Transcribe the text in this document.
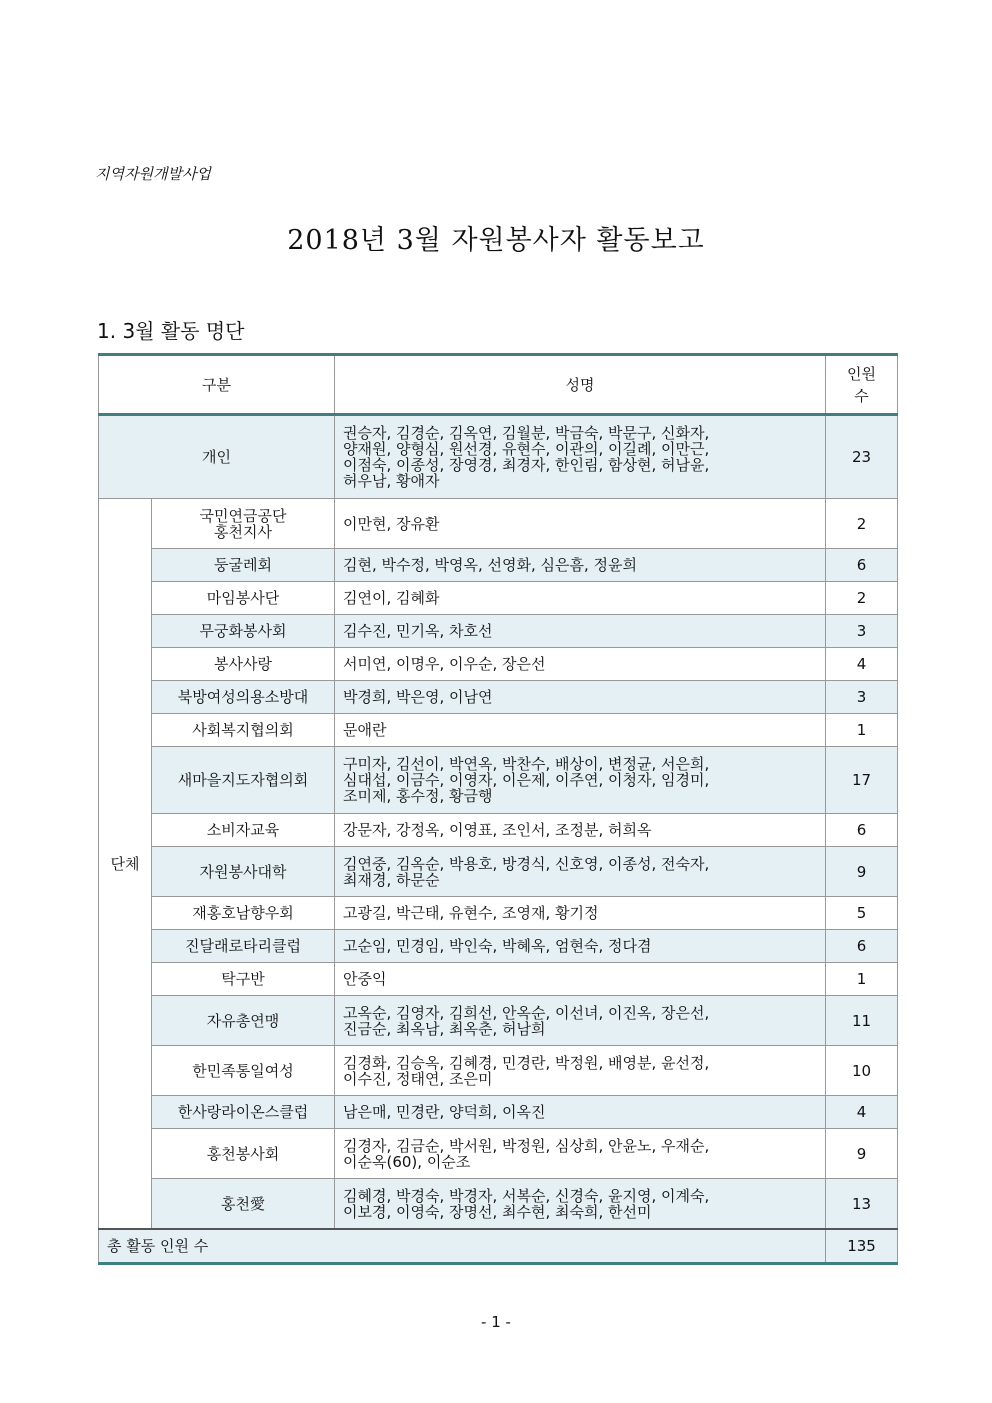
지역자원개발사업
2018년 3월 자원봉사자 활동보고
1. 3월 활동 명단
구분		성명	인원
수

개인		권승자, 김경순, 김옥연, 김월분, 박금숙, 박문구, 신화자,
양재원, 양형심, 원선경, 유현수, 이관의, 이길례, 이만근,
이점숙, 이종성, 장영경, 최경자, 한인림, 함상현, 허남윤,
허우남, 황애자	23
단체	국민연금공단
홍천지사	이만현, 장유환	2

	둥굴레회	김현, 박수정, 박영옥, 선영화, 심은흠, 정윤희	6

	마임봉사단	김연이, 김혜화	2

	무궁화봉사회	김수진, 민기옥, 차호선	3

	봉사사랑	서미연, 이명우, 이우순, 장은선	4

	북방여성의용소방대	박경희, 박은영, 이남연	3

	사회복지협의회	문애란	1

	새마을지도자협의회	구미자, 김선이, 박연옥, 박찬수, 배상이, 변정균, 서은희,
심대섭, 이금수, 이영자, 이은제, 이주연, 이청자, 임경미,
조미제, 홍수정, 황금행	17

	소비자교육	강문자, 강정옥, 이영표, 조인서, 조정분, 허희옥	6

	자원봉사대학	김연중, 김옥순, 박용호, 방경식, 신호영, 이종성, 전숙자,
최재경, 하문순	9

	재홍호남향우회	고광길, 박근태, 유현수, 조영재, 황기정	5

	진달래로타리클럽	고순임, 민경임, 박인숙, 박혜옥, 엄현숙, 정다겸	6

	탁구반	안중익	1

	자유총연맹	고옥순, 김영자, 김희선, 안옥순, 이선녀, 이진옥, 장은선,
진금순, 최옥남, 최옥춘, 허남희	11

	한민족통일여성	김경화, 김승옥, 김혜경, 민경란, 박정원, 배영분, 윤선정,
이수진, 정태연, 조은미	10

	한사랑라이온스클럽	남은매, 민경란, 양덕희, 이옥진	4

	홍천봉사회	김경자, 김금순, 박서원, 박정원, 심상희, 안윤노, 우재순,
이순옥(60), 이순조	9

	홍천愛	김혜경, 박경숙, 박경자, 서복순, 신경숙, 윤지영, 이계숙,
이보경, 이영숙, 장명선, 최수현, 최숙희, 한선미	13
총 활동 인원 수			135
- 1 -
